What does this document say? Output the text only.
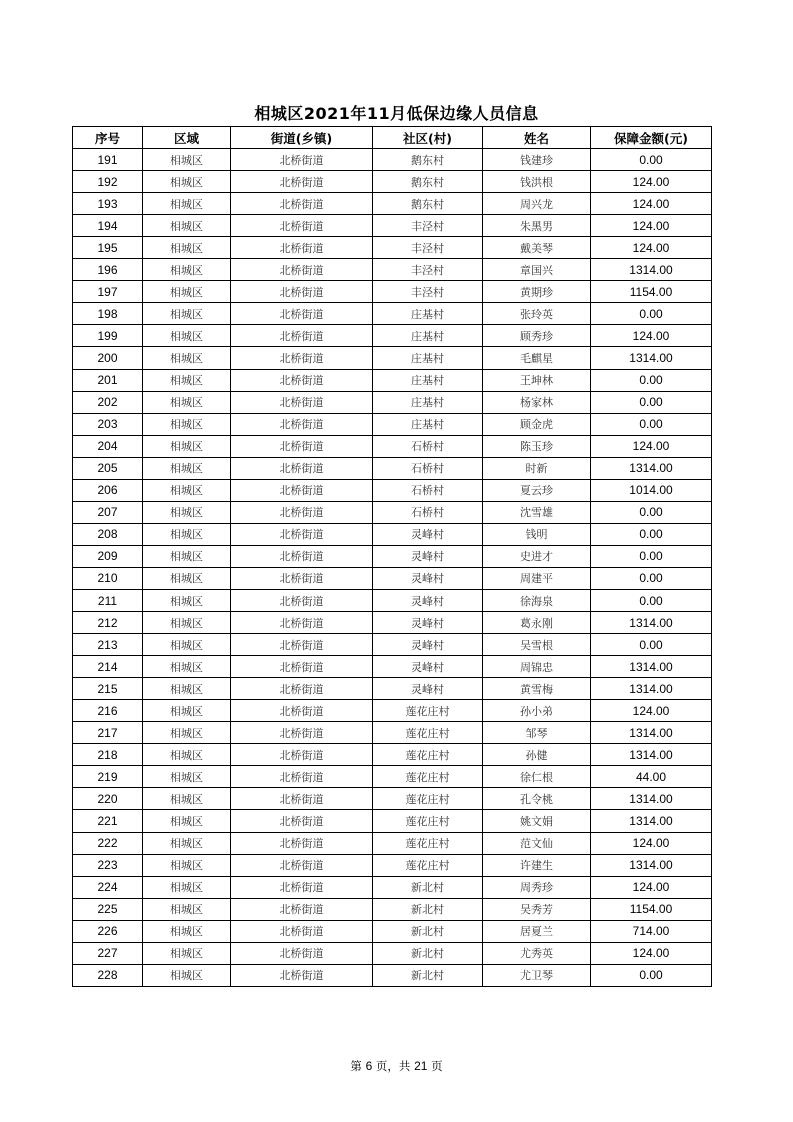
相城区2021年11月低保边缘人员信息
序号	区域	街道(乡镇)	社区(村)	姓名	保障金额(元)
191	相城区	北桥街道	鹅东村	钱建珍	0.00
192	相城区	北桥街道	鹅东村	钱洪根	124.00
193	相城区	北桥街道	鹅东村	周兴龙	124.00
194	相城区	北桥街道	丰泾村	朱黑男	124.00
195	相城区	北桥街道	丰泾村	戴美琴	124.00
196	相城区	北桥街道	丰泾村	章国兴	1314.00
197	相城区	北桥街道	丰泾村	黄期珍	1154.00
198	相城区	北桥街道	庄基村	张玲英	0.00
199	相城区	北桥街道	庄基村	顾秀珍	124.00
200	相城区	北桥街道	庄基村	毛麒星	1314.00
201	相城区	北桥街道	庄基村	王坤林	0.00
202	相城区	北桥街道	庄基村	杨家林	0.00
203	相城区	北桥街道	庄基村	顾金虎	0.00
204	相城区	北桥街道	石桥村	陈玉珍	124.00
205	相城区	北桥街道	石桥村	时新	1314.00
206	相城区	北桥街道	石桥村	夏云珍	1014.00
207	相城区	北桥街道	石桥村	沈雪雄	0.00
208	相城区	北桥街道	灵峰村	钱明	0.00
209	相城区	北桥街道	灵峰村	史进才	0.00
210	相城区	北桥街道	灵峰村	周建平	0.00
211	相城区	北桥街道	灵峰村	徐海泉	0.00
212	相城区	北桥街道	灵峰村	葛永刚	1314.00
213	相城区	北桥街道	灵峰村	吴雪根	0.00
214	相城区	北桥街道	灵峰村	周锦忠	1314.00
215	相城区	北桥街道	灵峰村	黄雪梅	1314.00
216	相城区	北桥街道	莲花庄村	孙小弟	124.00
217	相城区	北桥街道	莲花庄村	邹琴	1314.00
218	相城区	北桥街道	莲花庄村	孙健	1314.00
219	相城区	北桥街道	莲花庄村	徐仁根	44.00
220	相城区	北桥街道	莲花庄村	孔令桃	1314.00
221	相城区	北桥街道	莲花庄村	姚文娟	1314.00
222	相城区	北桥街道	莲花庄村	范文仙	124.00
223	相城区	北桥街道	莲花庄村	许建生	1314.00
224	相城区	北桥街道	新北村	周秀珍	124.00
225	相城区	北桥街道	新北村	吴秀芳	1154.00
226	相城区	北桥街道	新北村	居夏兰	714.00
227	相城区	北桥街道	新北村	尤秀英	124.00
228	相城区	北桥街道	新北村	尤卫琴	0.00
第 6 页，共 21 页
